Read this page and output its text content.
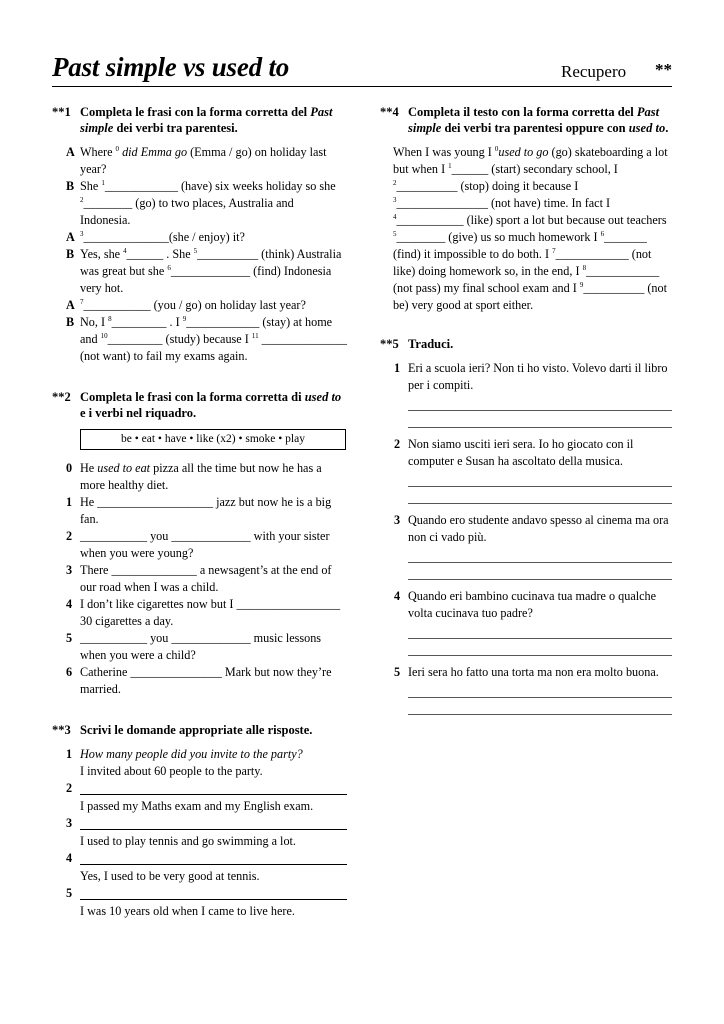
Past simple vs used to	Recupero **
**1 Completa le frasi con la forma corretta del Past simple dei verbi tra parentesi.
A Where $^0$ did Emma go (Emma / go) on holiday last year?
B She $^1$____________ (have) six weeks holiday so she $^2$________ (go) to two places, Australia and Indonesia.
A $^3$______________(she / enjoy) it?
B Yes, she $^4$______ . She $^5$__________ (think) Australia was great but she $^6$_____________ (find) Indonesia very hot.
A $^7$___________ (you / go) on holiday last year?
B No, I $^8$_________ . I $^9$____________ (stay) at home and $^{10}$_________ (study) because I $^{11}$ ______________ (not want) to fail my exams again.
**2 Completa le frasi con la forma corretta di used to e i verbi nel riquadro.
be • eat • have • like (x2) • smoke • play
0 He used to eat pizza all the time but now he has a more healthy diet.
1 He ___________________ jazz but now he is a big fan.
2 ___________ you _____________ with your sister when you were young?
3 There ______________ a newsagent’s at the end of our road when I was a child.
4 I don’t like cigarettes now but I _________________ 30 cigarettes a day.
5 ___________ you _____________ music lessons when you were a child?
6 Catherine _______________ Mark but now they’re married.
**3 Scrivi le domande appropriate alle risposte.
1 How many people did you invite to the party?
I invited about 60 people to the party.
2
I passed my Maths exam and my English exam.
3
I used to play tennis and go swimming a lot.
4
Yes, I used to be very good at tennis.
5
I was 10 years old when I came to live here.
**4 Completa il testo con la forma corretta del Past simple dei verbi tra parentesi oppure con used to.
When I was young I $^0$used to go (go) skateboarding a lot but when I $^1$______ (start) secondary school, I $^2$__________ (stop) doing it because I $^3$_______________ (not have) time. In fact I $^4$___________ (like) sport a lot but because out teachers $^5$________ (give) us so much homework I $^6$_______ (find) it impossible to do both. I $^7$____________ (not like) doing homework so, in the end, I $^8$____________ (not pass) my final school exam and I $^9$__________ (not be) very good at sport either.
**5 Traduci.
1 Eri a scuola ieri? Non ti ho visto. Volevo darti il libro per i compiti.
2 Non siamo usciti ieri sera. Io ho giocato con il computer e Susan ha ascoltato della musica.
3 Quando ero studente andavo spesso al cinema ma ora non ci vado più.
4 Quando eri bambino cucinava tua madre o qualche volta cucinava tuo padre?
5 Ieri sera ho fatto una torta ma non era molto buona.
